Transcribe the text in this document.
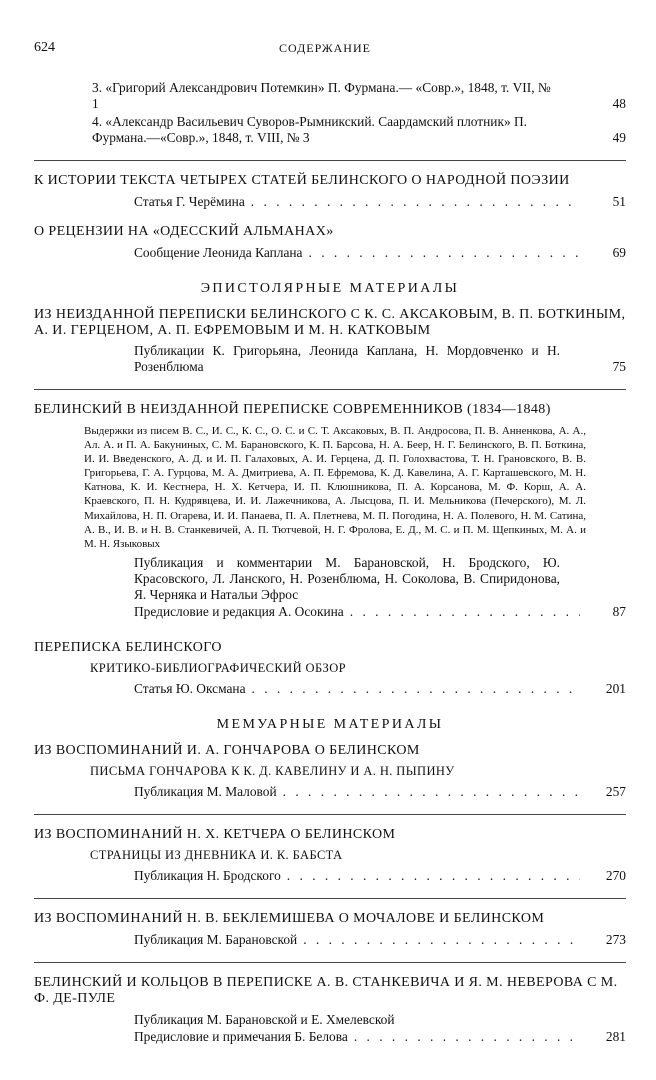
624	СОДЕРЖАНИЕ
3. «Григорий Александрович Потемкин» П. Фурмана.— «Совр.», 1848, т. VII, № 1	48
4. «Александр Васильевич Суворов-Рымникский. Саардамский плотник» П. Фурмана.—«Совр.», 1848, т. VIII, № 3	49
К ИСТОРИИ ТЕКСТА ЧЕТЫРЕХ СТАТЕЙ БЕЛИНСКОГО О НАРОДНОЙ ПОЭЗИИ
Статья Г. Черёмина . . .	51
О РЕЦЕНЗИИ НА «ОДЕССКИЙ АЛЬМАНАХ»
Сообщение Леонида Каплана . . .	69
ЭПИСТОЛЯРНЫЕ МАТЕРИАЛЫ
ИЗ НЕИЗДАННОЙ ПЕРЕПИСКИ БЕЛИНСКОГО С К. С. АКСАКОВЫМ, В. П. БОТКИНЫМ, А. И. ГЕРЦЕНОМ, А. П. ЕФРЕМОВЫМ И М. Н. КАТКОВЫМ
Публикации К. Григорьяна, Леонида Каплана, Н. Мордовченко и Н. Розенблюма	75
БЕЛИНСКИЙ В НЕИЗДАННОЙ ПЕРЕПИСКЕ СОВРЕМЕННИКОВ (1834—1848)
Выдержки из писем В. С., И. С., К. С., О. С. и С. Т. Аксаковых, В. П. Андросова, П. В. Анненкова, А. А., Ал. А. и П. А. Бакуниных, С. М. Барановского, К. П. Барсова, Н. А. Беер, Н. Г. Белинского, В. П. Боткина, И. И. Введенского, А. Д. и И. П. Галаховых, А. И. Герцена, Д. П. Голохвастова, Т. Н. Грановского, В. В. Григорьева, Г. А. Гурцова, М. А. Дмитриева, А. П. Ефремова, К. Д. Кавелина, А. Г. Карташевского, М. Н. Катнова, К. И. Кестнера, Н. Х. Кетчера, И. П. Клюшникова, П. А. Корсанова, М. Ф. Корш, А. А. Краевского, П. Н. Кудрявцева, И. И. Лажечникова, А. Лысцова, П. И. Мельникова (Печерского), М. Л. Михайлова, Н. П. Огарева, И. И. Панаева, П. А. Плетнева, М. П. Погодина, Н. А. Полевого, Н. М. Сатина, А. В., И. В. и Н. В. Станкевичей, А. П. Тютчевой, Н. Г. Фролова, Е. Д., М. С. и П. М. Щепкиных, М. А. и М. Н. Языковых
Публикация и комментарии М. Барановской, Н. Бродского, Ю. Красовского, Л. Ланского, Н. Розенблюма, Н. Соколова, В. Спиридонова, Я. Черняка и Натальи Эфрос
Предисловие и редакция А. Осокина . . .	87
ПЕРЕПИСКА БЕЛИНСКОГО
КРИТИКО-БИБЛИОГРАФИЧЕСКИЙ ОБЗОР
Статья Ю. Оксмана . . .	201
МЕМУАРНЫЕ МАТЕРИАЛЫ
ИЗ ВОСПОМИНАНИЙ И. А. ГОНЧАРОВА О БЕЛИНСКОМ
ПИСЬМА ГОНЧАРОВА К К. Д. КАВЕЛИНУ И А. Н. ПЫПИНУ
Публикация М. Маловой . . .	257
ИЗ ВОСПОМИНАНИЙ Н. Х. КЕТЧЕРА О БЕЛИНСКОМ
СТРАНИЦЫ ИЗ ДНЕВНИКА И. К. БАБСТА
Публикация Н. Бродского . . .	270
ИЗ ВОСПОМИНАНИЙ Н. В. БЕКЛЕМИШЕВА О МОЧАЛОВЕ И БЕЛИНСКОМ
Публикация М. Барановской . . .	273
БЕЛИНСКИЙ И КОЛЬЦОВ В ПЕРЕПИСКЕ А. В. СТАНКЕВИЧА И Я. М. НЕВЕРОВА С М. Ф. ДЕ-ПУЛЕ
Публикация М. Барановской и Е. Хмелевской
Предисловие и примечания Б. Белова . . .	281
